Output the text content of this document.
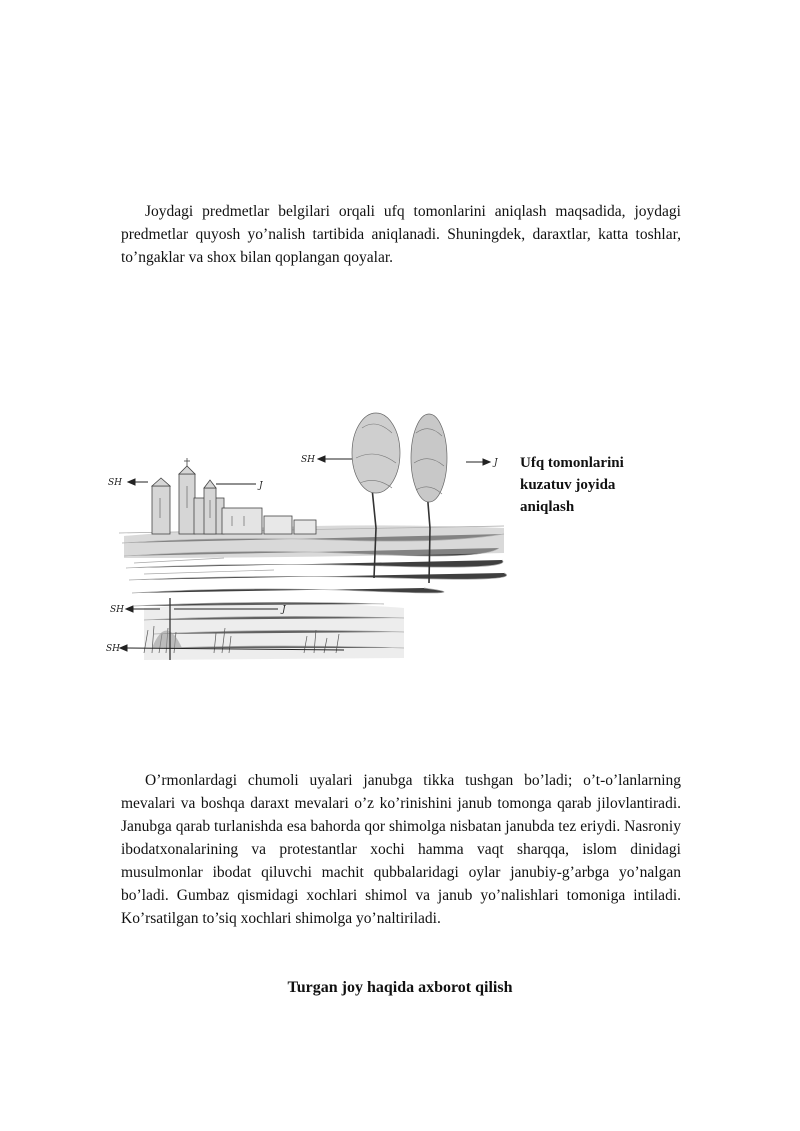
Joydagi predmetlar belgilari orqali ufq tomonlarini aniqlash maqsadida, joydagi predmetlar quyosh yo’nalish tartibida aniqlanadi. Shuningdek, daraxtlar, katta toshlar, to’ngaklar va shox bilan qoplangan qoyalar.

SH	J
SH	J
SH	J
SH

Ufq tomonlarini kuzatuv joyida aniqlash

O’rmonlardagi chumoli uyalari janubga tikka tushgan bo’ladi; o’t-o’lanlarning mevalari va boshqa daraxt mevalari o’z ko’rinishini janub tomonga qarab jilovlantiradi. Janubga qarab turlanishda esa bahorda qor shimolga nisbatan janubda tez eriydi. Nasroniy ibodatxonalarining va protestantlar xochi hamma vaqt sharqqa, islom dinidagi musulmonlar ibodat qiluvchi machit qubbalaridagi oylar janubiy-g’arbga yo’nalgan bo’ladi. Gumbaz qismidagi xochlari shimol va janub yo’nalishlari tomoniga intiladi. Ko’rsatilgan to’siq xochlari shimolga yo’naltiriladi.

Turgan joy haqida axborot qilish
